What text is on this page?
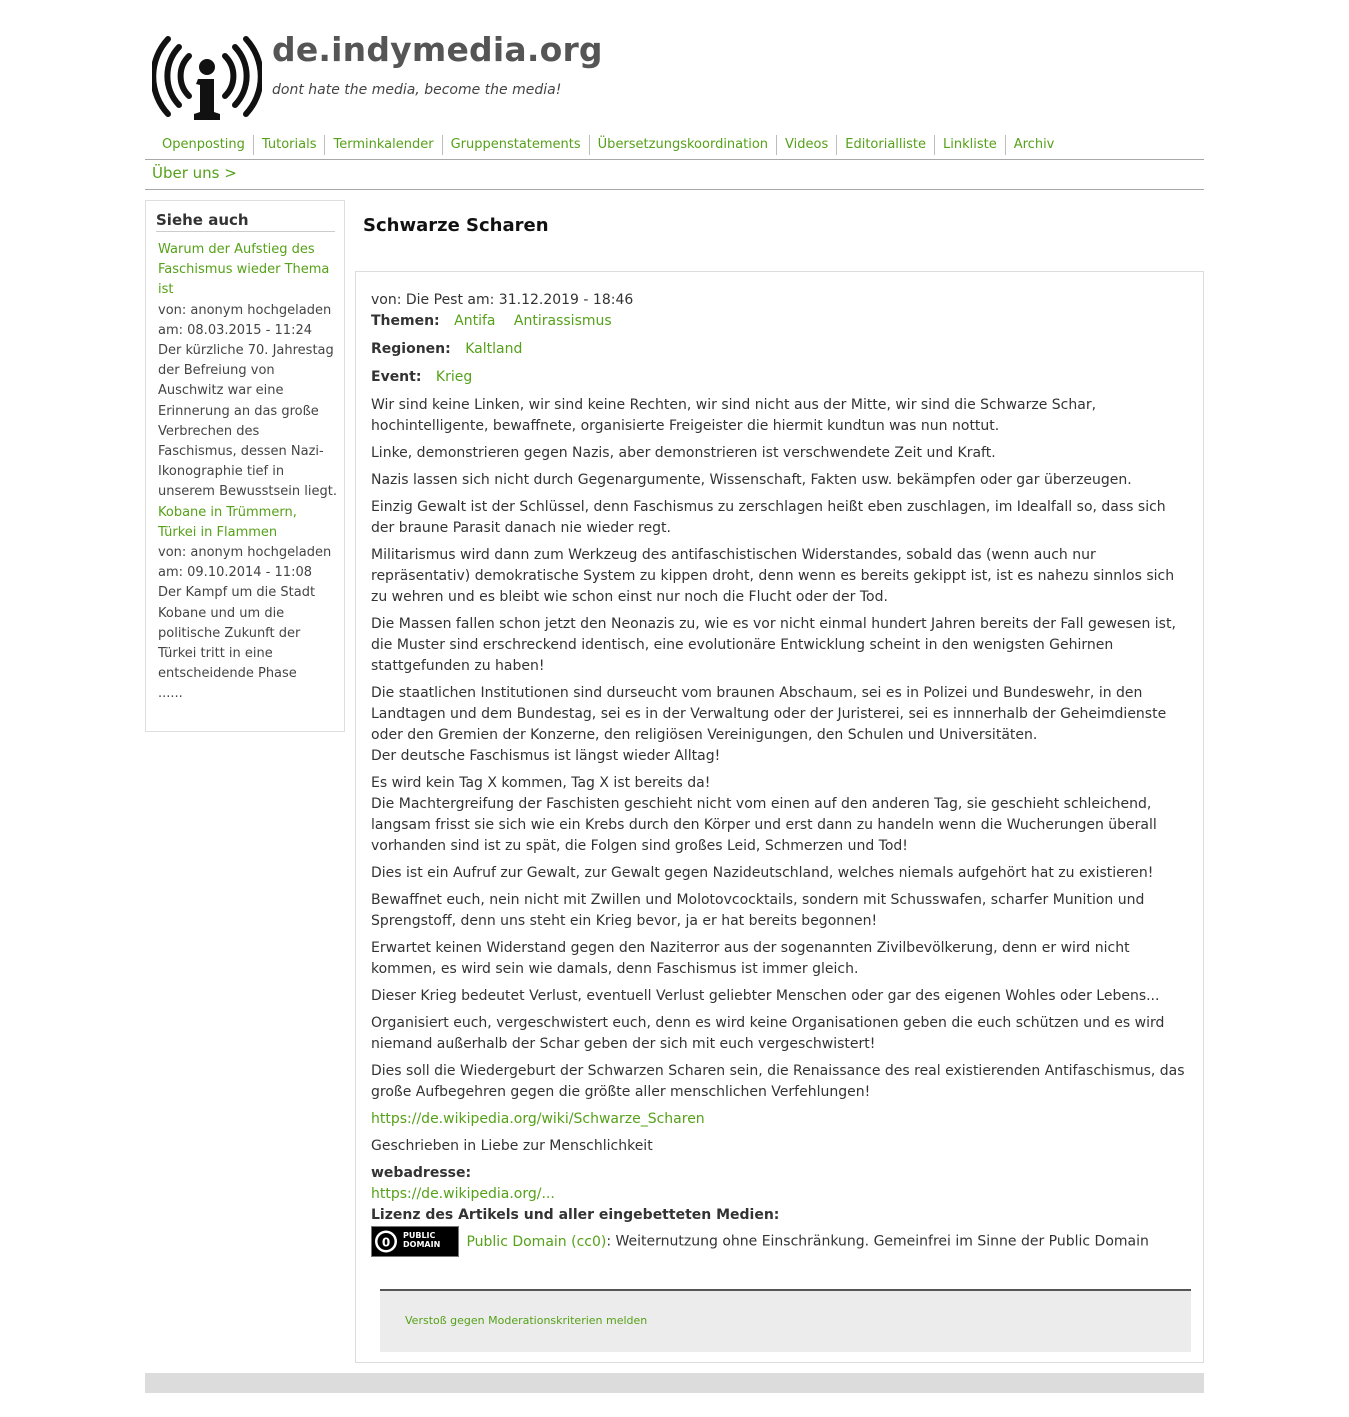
de.indymedia.org
dont hate the media, become the media!
Openposting	Tutorials	Terminkalender	Gruppenstatements	Übersetzungskoordination	Videos	Editorialliste	Linkliste	Archiv
Über uns >
Siehe auch
Warum der Aufstieg des Faschismus wieder Thema ist
von: anonym hochgeladen am: 08.03.2015 - 11:24
Der kürzliche 70. Jahrestag der Befreiung von Auschwitz war eine Erinnerung an das große Verbrechen des Faschismus, dessen Nazi-Ikonographie tief in unserem Bewusstsein liegt.
Kobane in Trümmern, Türkei in Flammen
von: anonym hochgeladen am: 09.10.2014 - 11:08
Der Kampf um die Stadt Kobane und um die politische Zukunft der Türkei tritt in eine entscheidende Phase
......
Schwarze Scharen
von: Die Pest am: 31.12.2019 - 18:46
Themen: Antifa Antirassismus
Regionen: Kaltland
Event: Krieg

Wir sind keine Linken, wir sind keine Rechten, wir sind nicht aus der Mitte, wir sind die Schwarze Schar, hochintelligente, bewaffnete, organisierte Freigeister die hiermit kundtun was nun nottut.

Linke, demonstrieren gegen Nazis, aber demonstrieren ist verschwendete Zeit und Kraft.

Nazis lassen sich nicht durch Gegenargumente, Wissenschaft, Fakten usw. bekämpfen oder gar überzeugen.

Einzig Gewalt ist der Schlüssel, denn Faschismus zu zerschlagen heißt eben zuschlagen, im Idealfall so, dass sich der braune Parasit danach nie wieder regt.

Militarismus wird dann zum Werkzeug des antifaschistischen Widerstandes, sobald das (wenn auch nur repräsentativ) demokratische System zu kippen droht, denn wenn es bereits gekippt ist, ist es nahezu sinnlos sich zu wehren und es bleibt wie schon einst nur noch die Flucht oder der Tod.

Die Massen fallen schon jetzt den Neonazis zu, wie es vor nicht einmal hundert Jahren bereits der Fall gewesen ist, die Muster sind erschreckend identisch, eine evolutionäre Entwicklung scheint in den wenigsten Gehirnen stattgefunden zu haben!

Die staatlichen Institutionen sind durseucht vom braunen Abschaum, sei es in Polizei und Bundeswehr, in den Landtagen und dem Bundestag, sei es in der Verwaltung oder der Juristerei, sei es innnerhalb der Geheimdienste oder den Gremien der Konzerne, den religiösen Vereinigungen, den Schulen und Universitäten.
Der deutsche Faschismus ist längst wieder Alltag!

Es wird kein Tag X kommen, Tag X ist bereits da!
Die Machtergreifung der Faschisten geschieht nicht vom einen auf den anderen Tag, sie geschieht schleichend, langsam frisst sie sich wie ein Krebs durch den Körper und erst dann zu handeln wenn die Wucherungen überall vorhanden sind ist zu spät, die Folgen sind großes Leid, Schmerzen und Tod!

Dies ist ein Aufruf zur Gewalt, zur Gewalt gegen Nazideutschland, welches niemals aufgehört hat zu existieren!

Bewaffnet euch, nein nicht mit Zwillen und Molotovcocktails, sondern mit Schusswafen, scharfer Munition und Sprengstoff, denn uns steht ein Krieg bevor, ja er hat bereits begonnen!

Erwartet keinen Widerstand gegen den Naziterror aus der sogenannten Zivilbevölkerung, denn er wird nicht kommen, es wird sein wie damals, denn Faschismus ist immer gleich.

Dieser Krieg bedeutet Verlust, eventuell Verlust geliebter Menschen oder gar des eigenen Wohles oder Lebens...

Organisiert euch, vergeschwistert euch, denn es wird keine Organisationen geben die euch schützen und es wird niemand außerhalb der Schar geben der sich mit euch vergeschwistert!

Dies soll die Wiedergeburt der Schwarzen Scharen sein, die Renaissance des real existierenden Antifaschismus, das große Aufbegehren gegen die größte aller menschlichen Verfehlungen!

https://de.wikipedia.org/wiki/Schwarze_Scharen

Geschrieben in Liebe zur Menschlichkeit

webadresse:
https://de.wikipedia.org/...
Lizenz des Artikels und aller eingebetteten Medien:
0 PUBLIC DOMAIN Public Domain (cc0): Weiternutzung ohne Einschränkung. Gemeinfrei im Sinne der Public Domain
Verstoß gegen Moderationskriterien melden
